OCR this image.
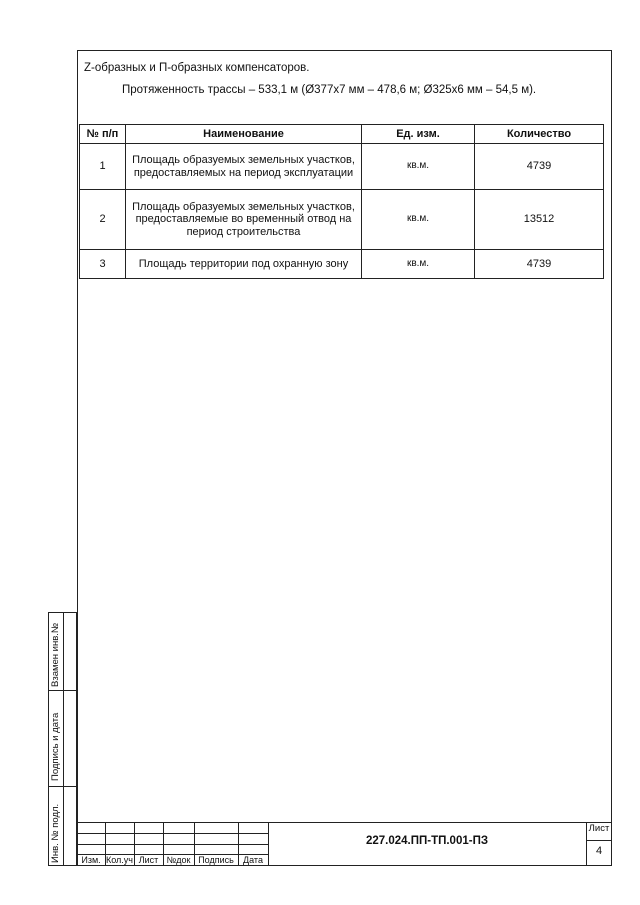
Z-образных и П-образных компенсаторов.
Протяженность трассы – 533,1 м (Ø377х7 мм – 478,6 м; Ø325х6 мм – 54,5 м).
№ п/п	Наименование	Ед. изм.	Количество
1	Площадь образуемых земельных участков, предоставляемых на период эксплуатации	кв.м.	4739
2	Площадь образуемых земельных участков, предоставляемые во временный отвод на период строительства	кв.м.	13512
3	Площадь территории под охранную зону	кв.м.	4739
Взамен инв.№
Подпись и дата
Инв. № подл.	Изм. Кол.уч Лист №док Подпись	Дата
227.024.ПП-ТП.001-ПЗ
Лист
4
